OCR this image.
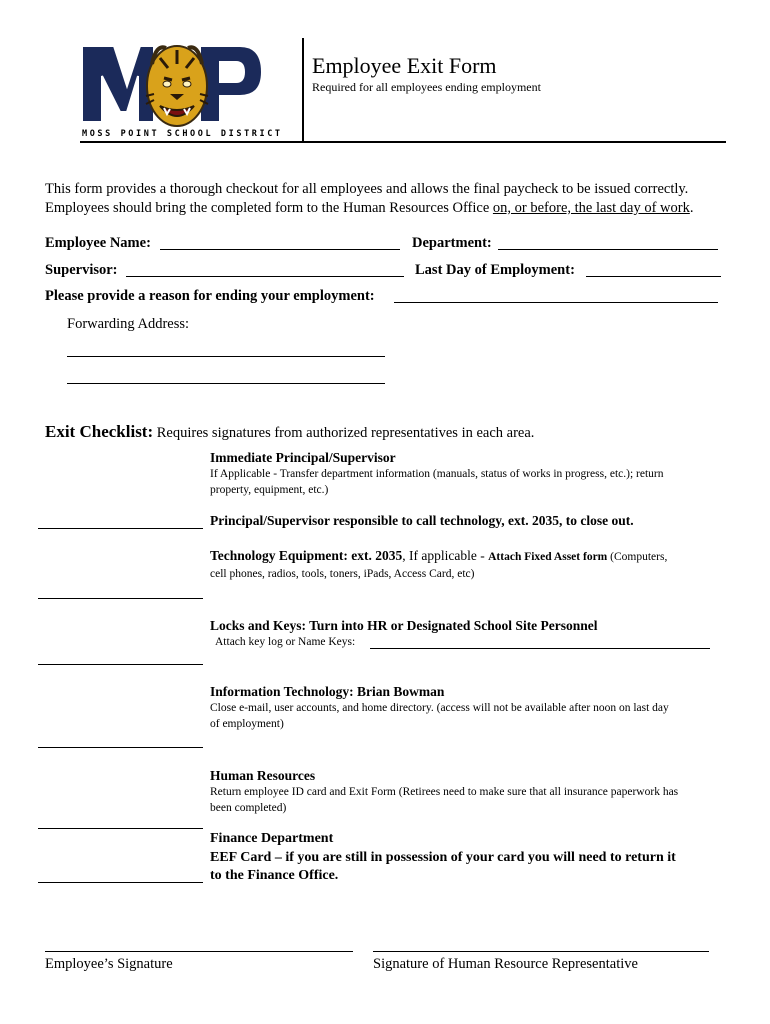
MOSS POINT SCHOOL DISTRICT
Employee Exit Form
Required for all employees ending employment
This form provides a thorough checkout for all employees and allows the final paycheck to be issued correctly.
Employees should bring the completed form to the Human Resources Office on, or before, the last day of work.
Employee Name:	Department:
Supervisor:	Last Day of Employment:
Please provide a reason for ending your employment:
Forwarding Address:
Exit Checklist: Requires signatures from authorized representatives in each area.
Immediate Principal/Supervisor
If Applicable - Transfer department information (manuals, status of works in progress, etc.); return
property, equipment, etc.)
Principal/Supervisor responsible to call technology, ext. 2035, to close out.
Technology Equipment: ext. 2035, If applicable - Attach Fixed Asset form (Computers,
cell phones, radios, tools, toners, iPads, Access Card, etc)
Locks and Keys: Turn into HR or Designated School Site Personnel
Attach key log or Name Keys:
Information Technology: Brian Bowman
Close e-mail, user accounts, and home directory. (access will not be available after noon on last day
of employment)
Human Resources
Return employee ID card and Exit Form (Retirees need to make sure that all insurance paperwork has
been completed)
Finance Department
EEF Card – if you are still in possession of your card you will need to return it
to the Finance Office.
Employee’s Signature	Signature of Human Resource Representative
